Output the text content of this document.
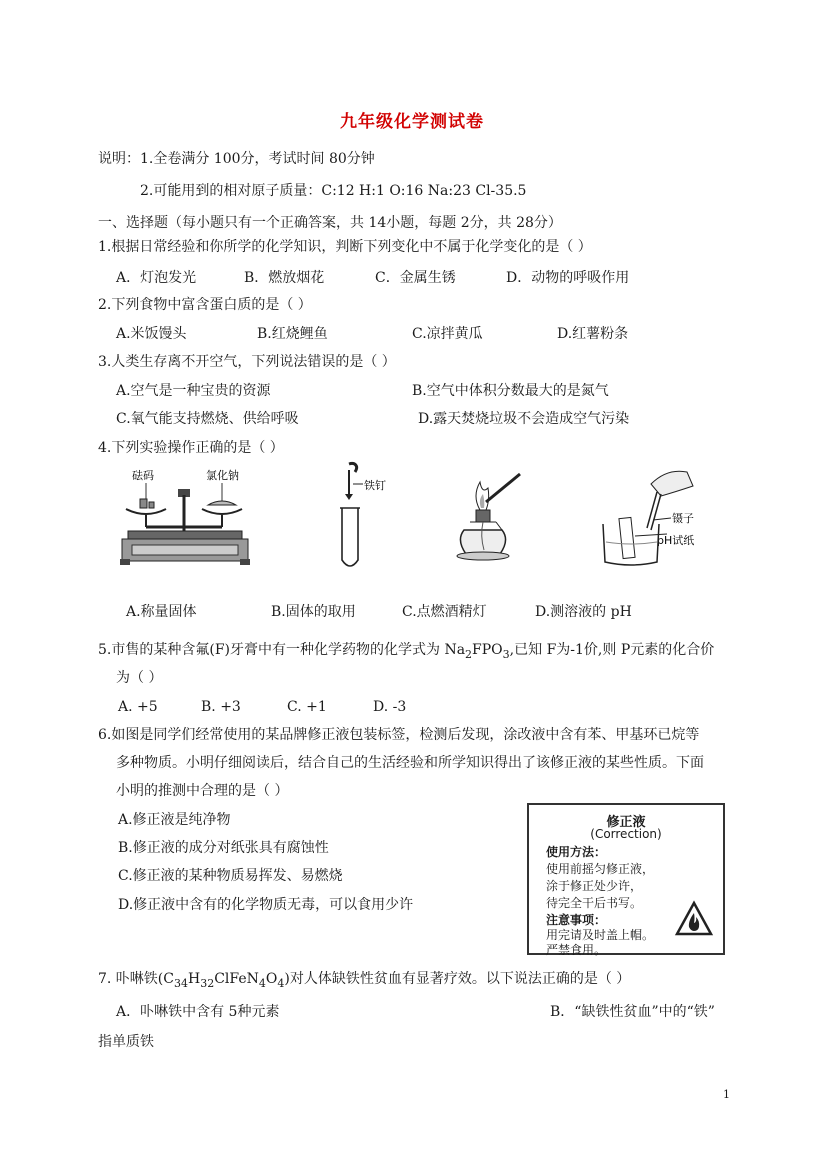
九年级化学测试卷
说明：1.全卷满分 100分，考试时间 80分钟
2.可能用到的相对原子质量：C:12 H:1 O:16 Na:23 Cl-35.5
一、选择题（每小题只有一个正确答案，共 14小题，每题 2分，共 28分）
1.根据日常经验和你所学的化学知识，判断下列变化中不属于化学变化的是（ ）
A．灯泡发光	B．燃放烟花	C．金属生锈	D．动物的呼吸作用
2.下列食物中富含蛋白质的是（ ）
A.米饭馒头	B.红烧鲤鱼	C.凉拌黄瓜	D.红薯粉条
3.人类生存离不开空气，下列说法错误的是（ ）
A.空气是一种宝贵的资源	B.空气中体积分数最大的是氮气
C.氧气能支持燃烧、供给呼吸	D.露天焚烧垃圾不会造成空气污染
4.下列实验操作正确的是（ ）
砝码	氯化钠
铁钉
镊子
pH试纸
A.称量固体	B.固体的取用	C.点燃酒精灯	D.测溶液的 pH
5.市售的某种含氟(F)牙膏中有一种化学药物的化学式为 $Na_2FPO_3$,已知 F为-1价,则 P元素的化合价
为（ ）
A. +5	B. +3	C. +1	D. -3
6.如图是同学们经常使用的某品牌修正液包装标签，检测后发现，涂改液中含有苯、甲基环已烷等
多种物质。小明仔细阅读后，结合自己的生活经验和所学知识得出了该修正液的某些性质。下面
小明的推测中合理的是（ ）
A.修正液是纯净物
B.修正液的成分对纸张具有腐蚀性
C.修正液的某种物质易挥发、易燃烧
D.修正液中含有的化学物质无毒，可以食用少许
修正液
(Correction)
使用方法：
使用前摇匀修正液，
涂于修正处少许，
待完全干后书写。
注意事项：
用完请及时盖上帽。
严禁食用。
7. 卟啉铁$(C_{34}H_{32}ClFeN_4O_4)$对人体缺铁性贫血有显著疗效。以下说法正确的是（ ）
A．卟啉铁中含有 5种元素	B．“缺铁性贫血”中的“铁”
指单质铁
1
